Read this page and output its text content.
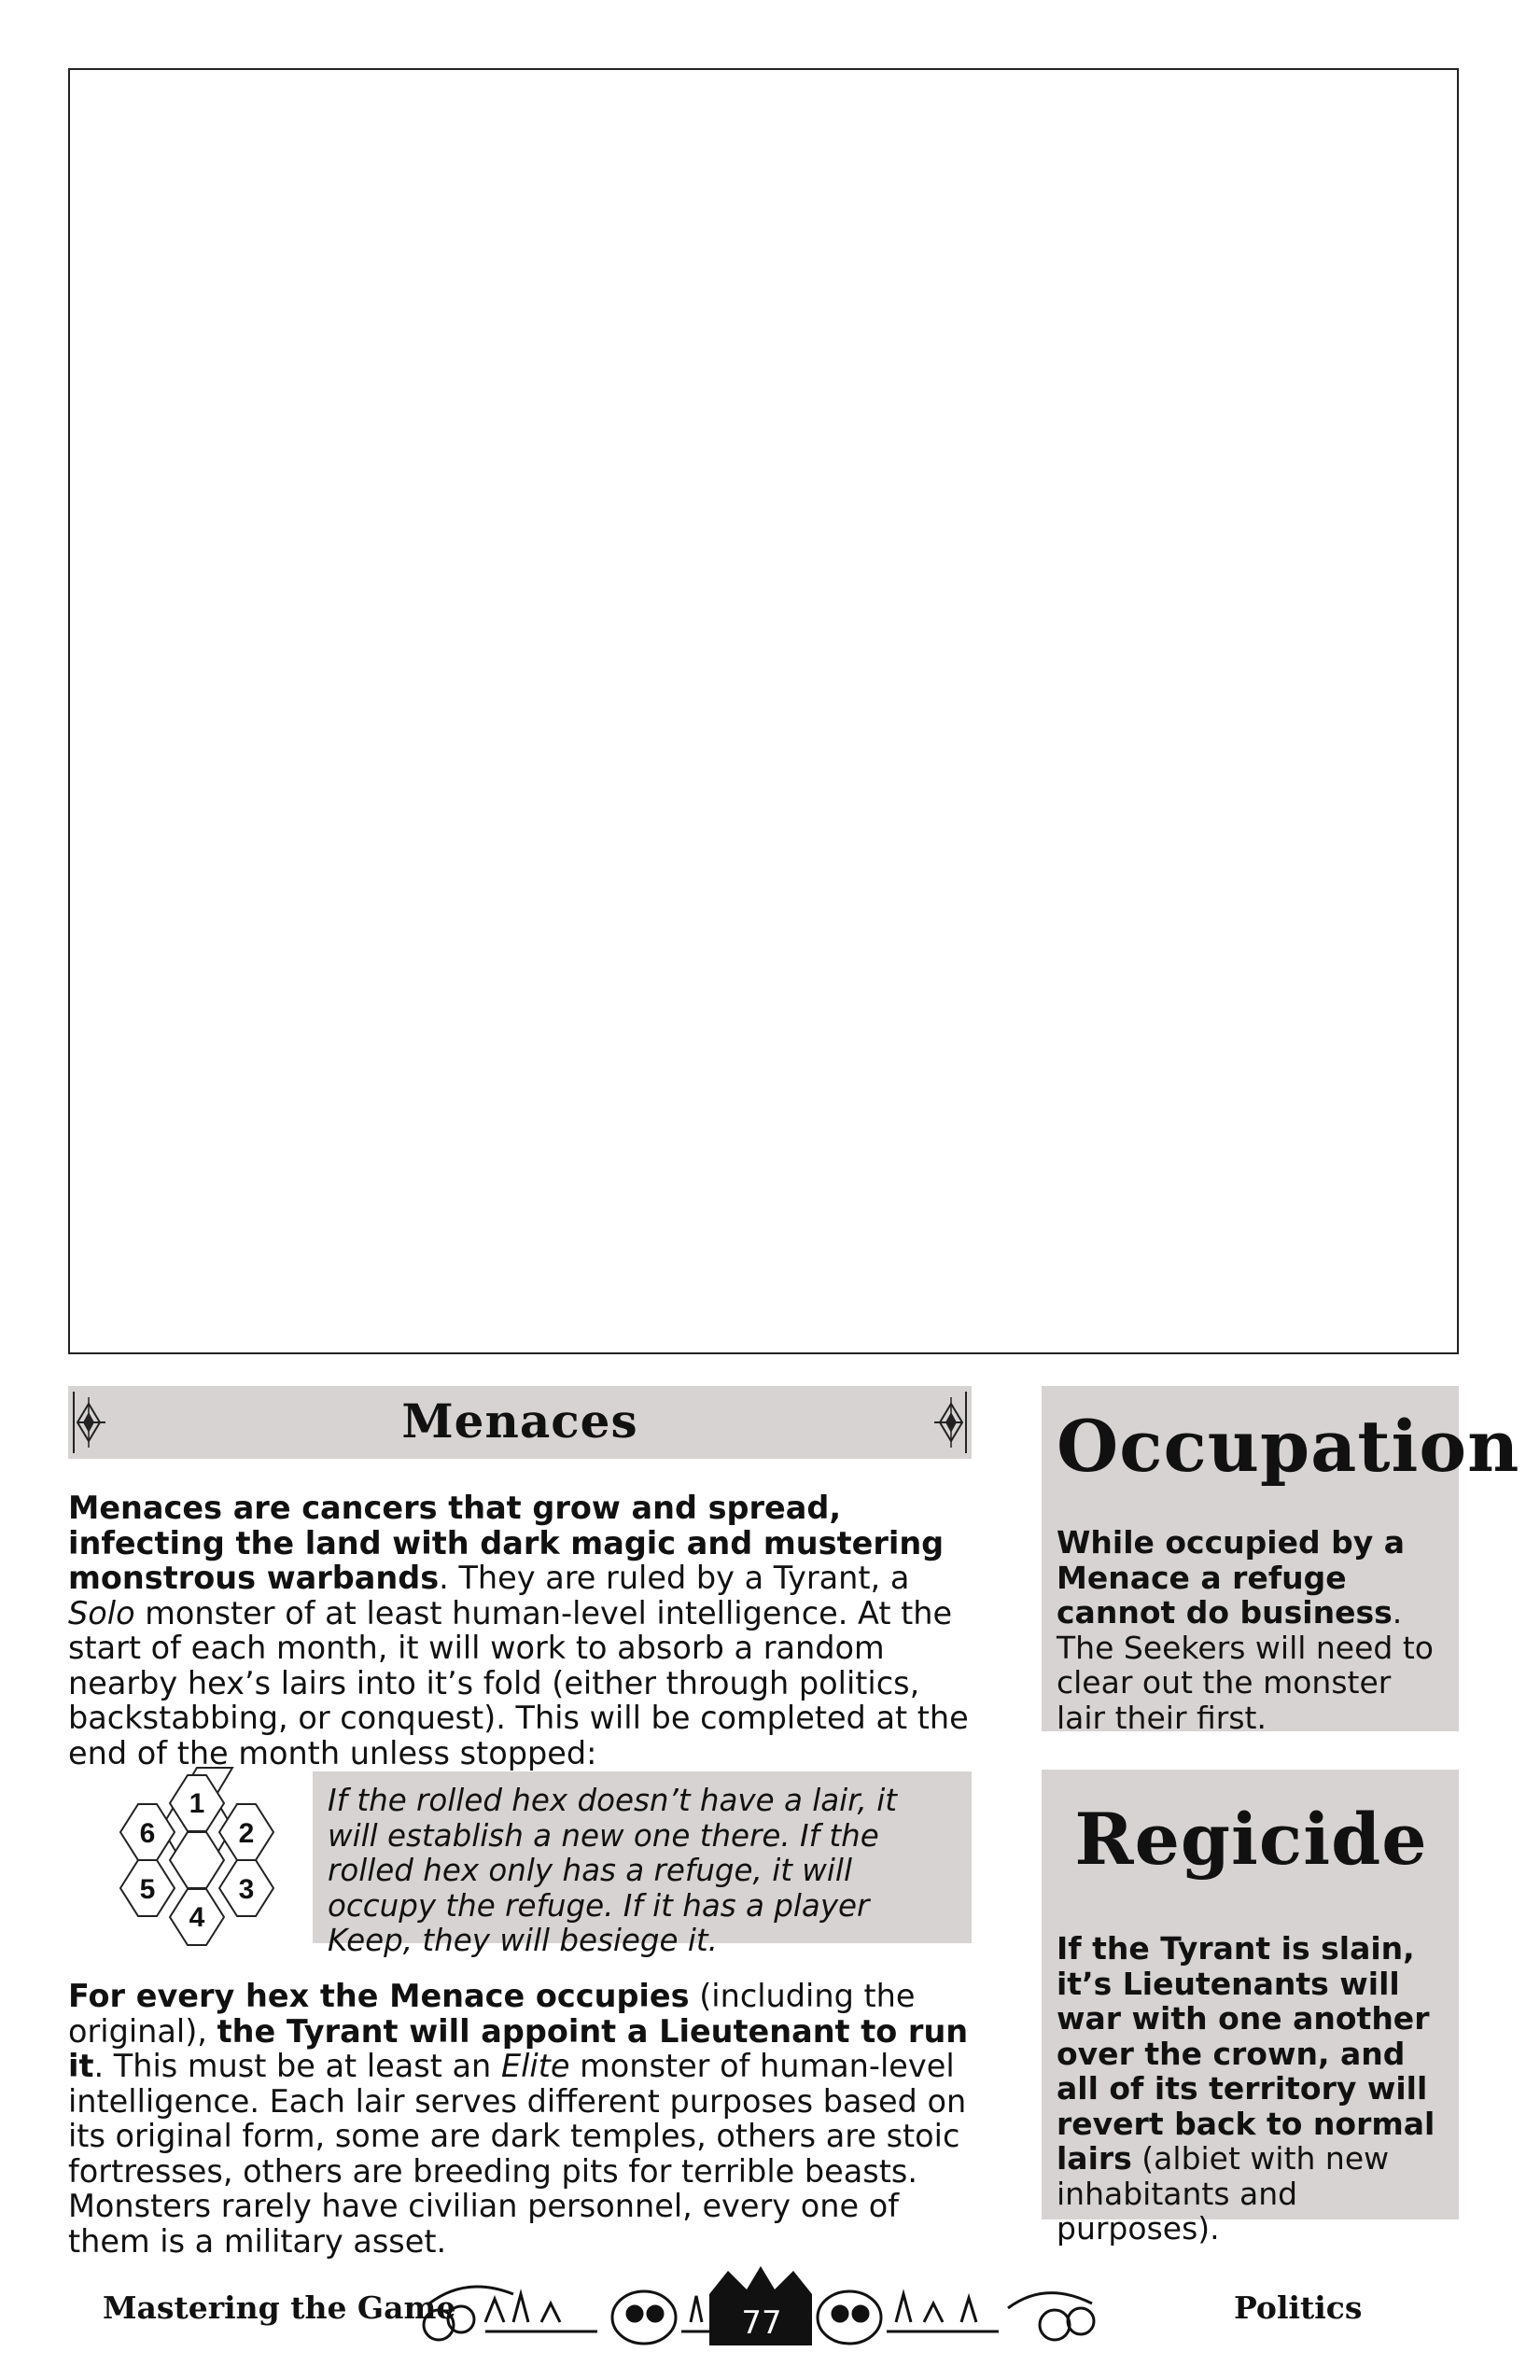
Menaces
Menaces are cancers that grow and spread, infecting the land with dark magic and mustering monstrous warbands. They are ruled by a Tyrant, a Solo monster of at least human-level intelligence. At the start of each month, it will work to absorb a random nearby hex’s lairs into it’s fold (either through politics, backstabbing, or conquest). This will be completed at the end of the month unless stopped:
1
2
3
4
5
6
If the rolled hex doesn’t have a lair, it will establish a new one there. If the rolled hex only has a refuge, it will occupy the refuge. If it has a player Keep, they will besiege it.
For every hex the Menace occupies (including the original), the Tyrant will appoint a Lieutenant to run it. This must be at least an Elite monster of human-level intelligence. Each lair serves different purposes based on its original form, some are dark temples, others are stoic fortresses, others are breeding pits for terrible beasts. Monsters rarely have civilian personnel, every one of them is a military asset.
Occupation
While occupied by a Menace a refuge cannot do business. The Seekers will need to clear out the monster lair their first.
Regicide
If the Tyrant is slain, it’s Lieutenants will war with one another over the crown, and all of its territory will revert back to normal lairs (albiet with new inhabitants and purposes).
Mastering the Game	77	Politics
